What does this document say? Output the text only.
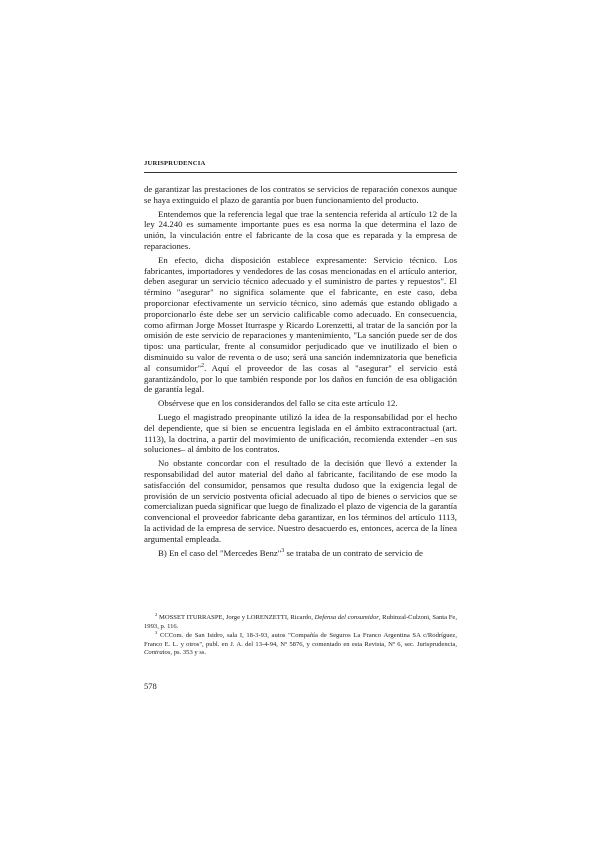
JURISPRUDENCIA

de garantizar las prestaciones de los contratos se servicios de reparación conexos aunque se haya extinguido el plazo de garantía por buen funcionamiento del producto.

Entendemos que la referencia legal que trae la sentencia referida al artículo 12 de la ley 24.240 es sumamente importante pues es esa norma la que determina el lazo de unión, la vinculación entre el fabricante de la cosa que es reparada y la empresa de reparaciones.

En efecto, dicha disposición establece expresamente: Servicio técnico. Los fabricantes, importadores y vendedores de las cosas mencionadas en el artículo anterior, deben asegurar un servicio técnico adecuado y el suministro de partes y repuestos". El término "asegurar" no significa solamente que el fabricante, en este caso, deba proporcionar efectivamente un servicio técnico, sino además que estando obligado a proporcionarlo éste debe ser un servicio calificable como adecuado. En consecuencia, como afirman Jorge Mosset Iturraspe y Ricardo Lorenzetti, al tratar de la sanción por la omisión de este servicio de reparaciones y mantenimiento, "La sanción puede ser de dos tipos: una particular, frente al consumidor perjudicado que ve inutilizado el bien o disminuido su valor de reventa o de uso; será una sanción indemnizatoria que beneficia al consumidor"$^2$. Aquí el proveedor de las cosas al "asegurar" el servicio está garantizándolo, por lo que también responde por los daños en función de esa obligación de garantía legal.

Obsérvese que en los considerandos del fallo se cita este artículo 12.

Luego el magistrado preopinante utilizó la idea de la responsabilidad por el hecho del dependiente, que si bien se encuentra legislada en el ámbito extracontractual (art. 1113), la doctrina, a partir del movimiento de unificación, recomienda extender –en sus soluciones– al ámbito de los contratos.

No obstante concordar con el resultado de la decisión que llevó a extender la responsabilidad del autor material del daño al fabricante, facilitando de ese modo la satisfacción del consumidor, pensamos que resulta dudoso que la exigencia legal de provisión de un servicio postventa oficial adecuado al tipo de bienes o servicios que se comercializan pueda significar que luego de finalizado el plazo de vigencia de la garantía convencional el proveedor fabricante deba garantizar, en los términos del artículo 1113, la actividad de la empresa de service. Nuestro desacuerdo es, entonces, acerca de la línea argumental empleada.

B) En el caso del "Mercedes Benz"$^3$ se trataba de un contrato de servicio de

$^2$ MOSSET ITURRASPE, Jorge y LORENZETTI, Ricardo, Defensa del consumidor, Rubinzal-Culzoni, Santa Fe, 1993, p. 116.

$^3$ CCCom. de San Isidro, sala I, 18-3-93, autos "Compañía de Seguros La Franco Argentina SA c/Rodríguez, Franco E. L. y otros", publ. en J. A. del 13-4-94, Nº 5876, y comentado en esta Revista, Nº 6, sec. Jurisprudencia, Contratos, ps. 353 y ss.

578
